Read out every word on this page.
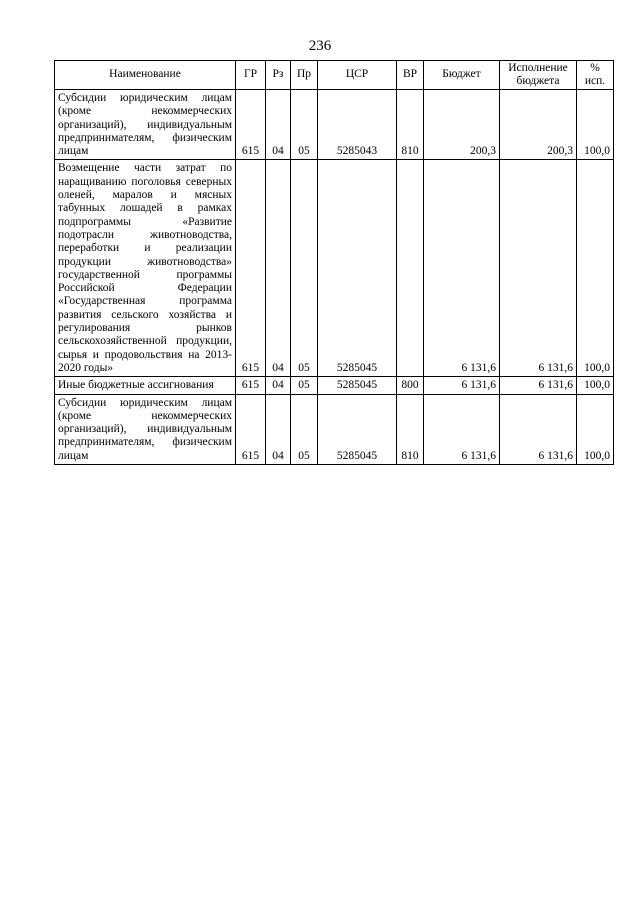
236
Наименование	ГР	Рз	Пр	ЦСР	ВР	Бюджет	Исполнение бюджета	% исп.

Субсидии юридическим лицам (кроме некоммерческих организаций), индивидуальным предпринимателям, физическим лицам	615	04	05	5285043	810	200,3	200,3	100,0

Возмещение части затрат по наращиванию поголовья северных оленей, маралов и мясных табунных лошадей в рамках подпрограммы «Развитие подотрасли животноводства, переработки и реализации продукции животноводства» государственной программы Российской Федерации «Государственная программа развития сельского хозяйства и регулирования рынков сельскохозяйственной продукции, сырья и продовольствия на 2013-2020 годы»	615	04	05	5285045		6 131,6	6 131,6	100,0

Иные бюджетные ассигнования	615	04	05	5285045	800	6 131,6	6 131,6	100,0

Субсидии юридическим лицам (кроме некоммерческих организаций), индивидуальным предпринимателям, физическим лицам	615	04	05	5285045	810	6 131,6	6 131,6	100,0
